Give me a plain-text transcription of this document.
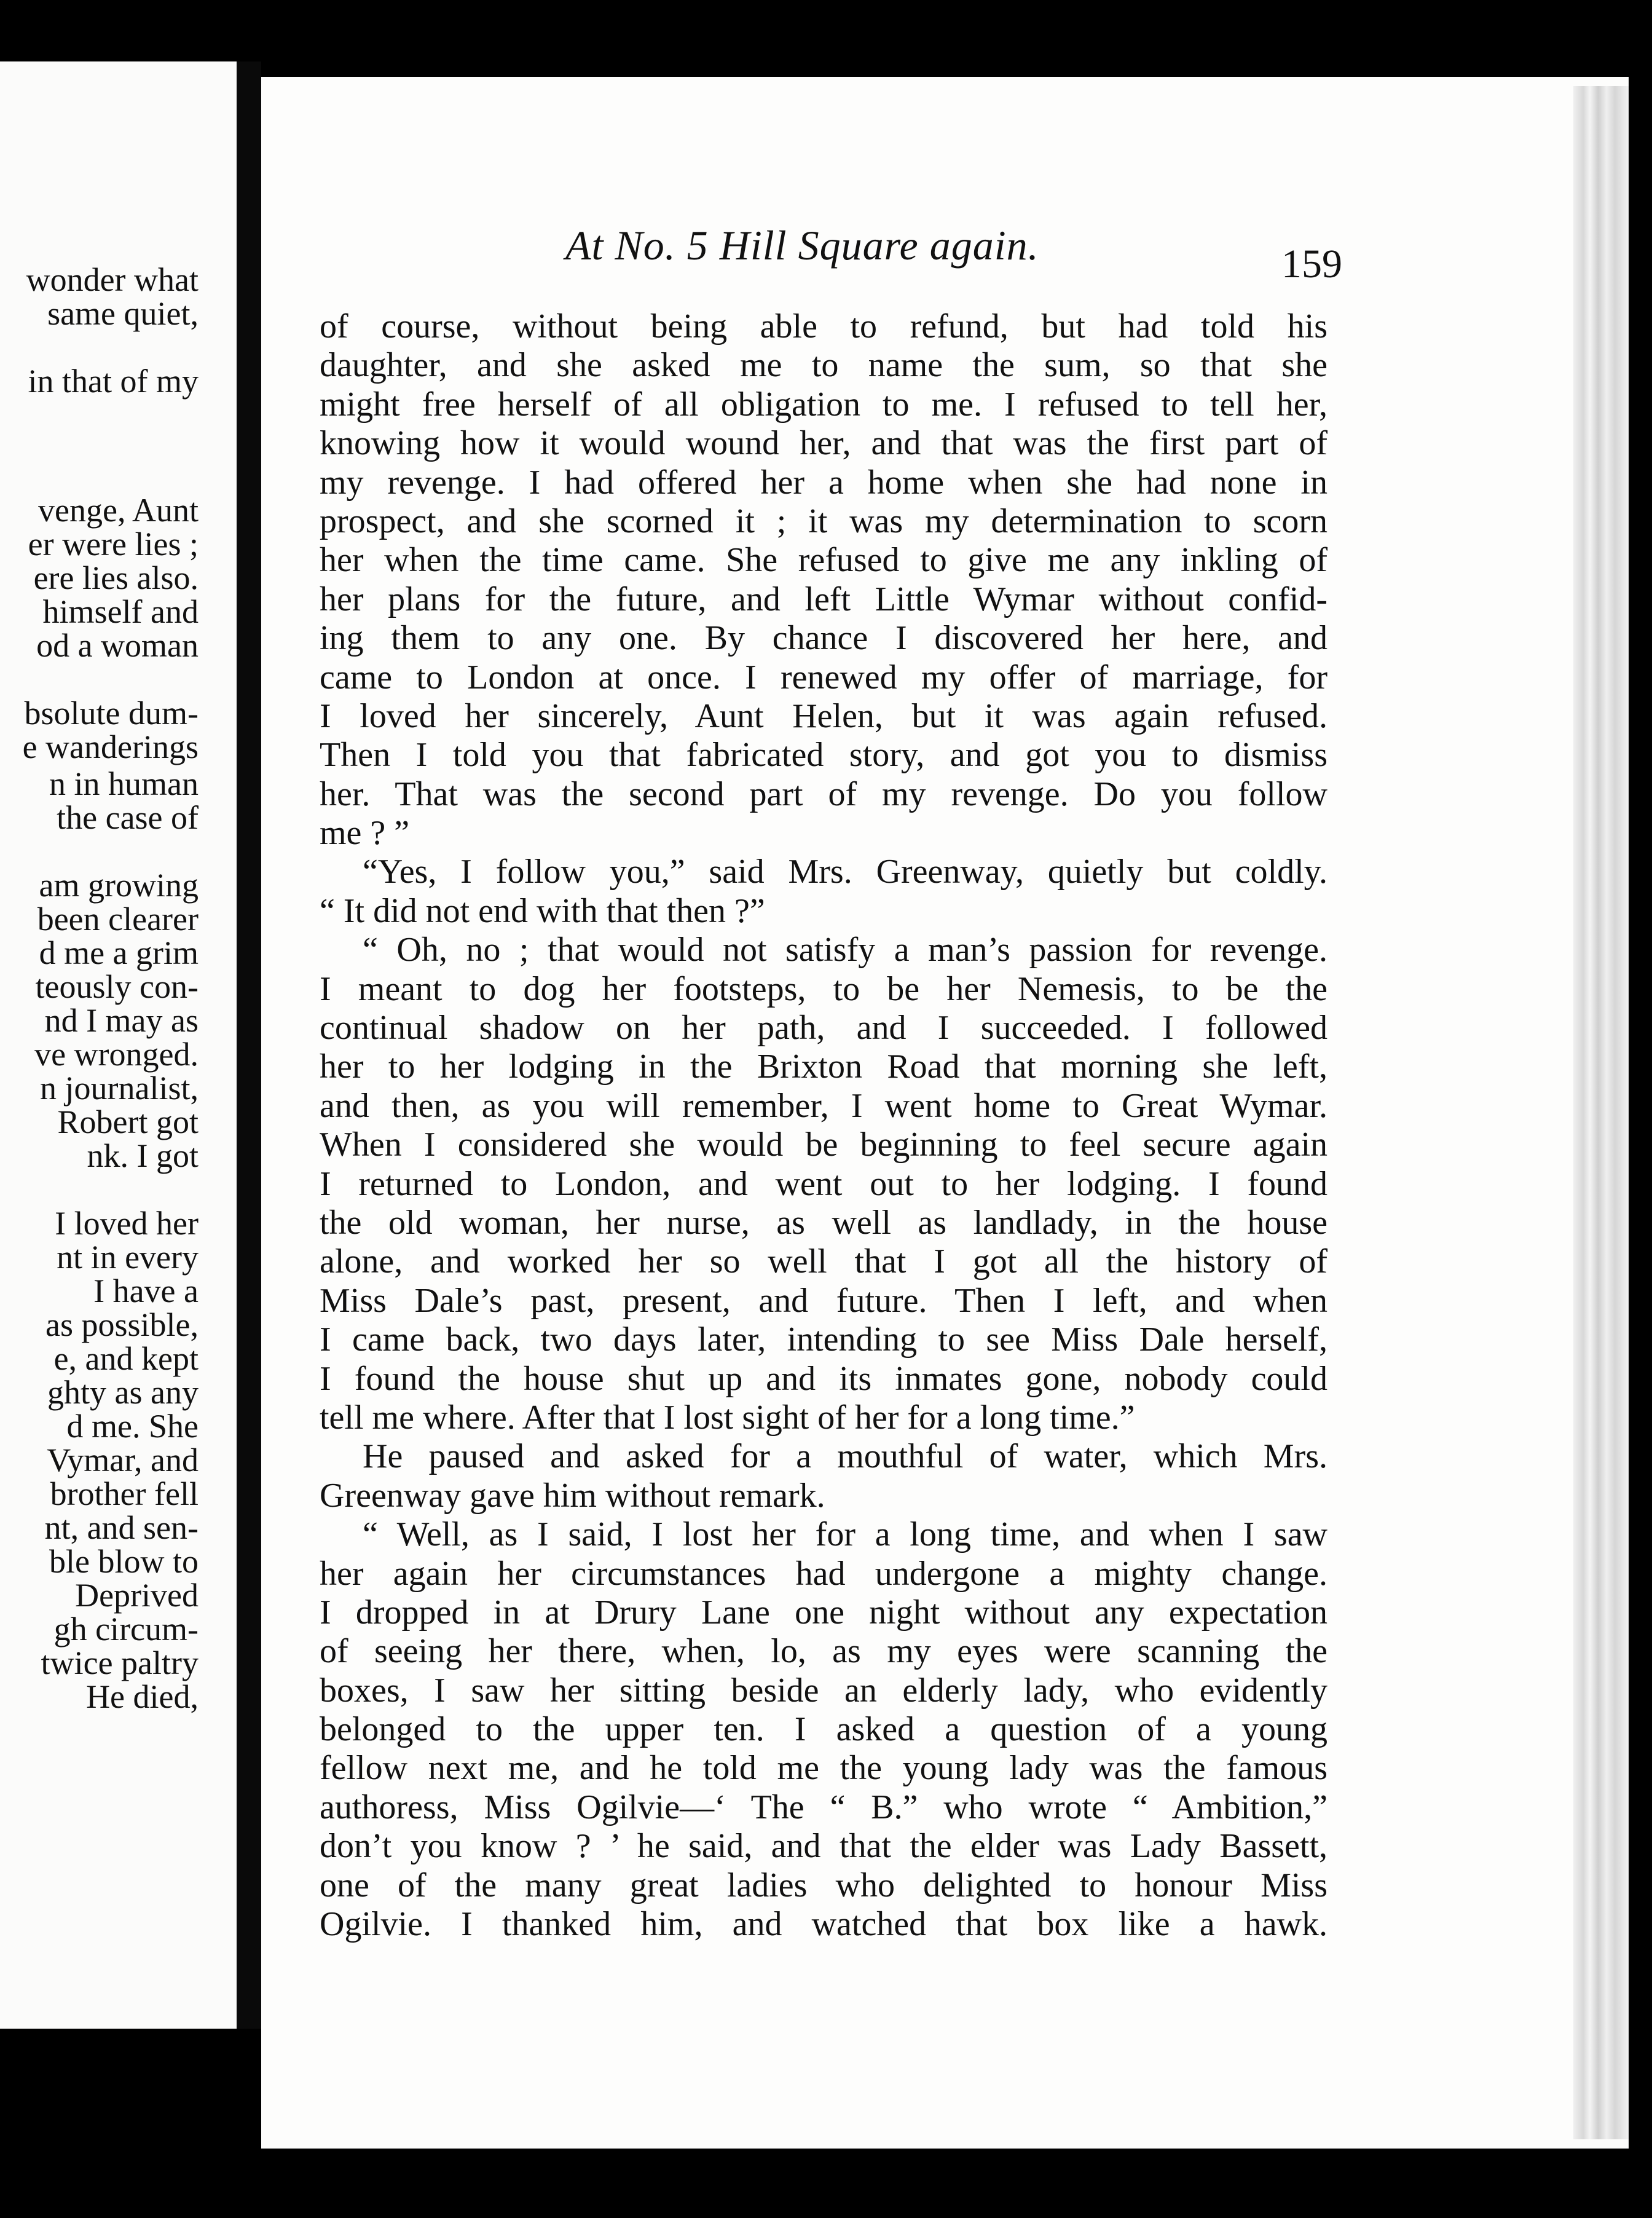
wonder what
same quiet,
in that of my
venge, Aunt
er were lies ;
ere lies also.
himself and
od a woman
bsolute dum-
e wanderings
n in human
the case of
am growing
been clearer
d me a grim
teously con-
nd I may as
ve wronged.
n journalist,
Robert got
nk. I got
I loved her
nt in every
I have a
as possible,
e, and kept
ghty as any
d me. She
Vymar, and
brother fell
nt, and sen-
ble blow to
Deprived
gh circum-
twice paltry
He died,
At No. 5 Hill Square again.	159
of course, without being able to refund, but had told his
daughter, and she asked me to name the sum, so that she
might free herself of all obligation to me. I refused to tell her,
knowing how it would wound her, and that was the first part of
my revenge. I had offered her a home when she had none in
prospect, and she scorned it ; it was my determination to scorn
her when the time came. She refused to give me any inkling of
her plans for the future, and left Little Wymar without confid-
ing them to any one. By chance I discovered her here, and
came to London at once. I renewed my offer of marriage, for
I loved her sincerely, Aunt Helen, but it was again refused.
Then I told you that fabricated story, and got you to dismiss
her. That was the second part of my revenge. Do you follow
me ? ”
“Yes, I follow you,” said Mrs. Greenway, quietly but coldly.
“ It did not end with that then ?”
“ Oh, no ; that would not satisfy a man’s passion for revenge.
I meant to dog her footsteps, to be her Nemesis, to be the
continual shadow on her path, and I succeeded. I followed
her to her lodging in the Brixton Road that morning she left,
and then, as you will remember, I went home to Great Wymar.
When I considered she would be beginning to feel secure again
I returned to London, and went out to her lodging. I found
the old woman, her nurse, as well as landlady, in the house
alone, and worked her so well that I got all the history of
Miss Dale’s past, present, and future. Then I left, and when
I came back, two days later, intending to see Miss Dale herself,
I found the house shut up and its inmates gone, nobody could
tell me where. After that I lost sight of her for a long time.”
He paused and asked for a mouthful of water, which Mrs.
Greenway gave him without remark.
“ Well, as I said, I lost her for a long time, and when I saw
her again her circumstances had undergone a mighty change.
I dropped in at Drury Lane one night without any expectation
of seeing her there, when, lo, as my eyes were scanning the
boxes, I saw her sitting beside an elderly lady, who evidently
belonged to the upper ten. I asked a question of a young
fellow next me, and he told me the young lady was the famous
authoress, Miss Ogilvie—‘ The “ B.” who wrote “ Ambition,”
don’t you know ? ’ he said, and that the elder was Lady Bassett,
one of the many great ladies who delighted to honour Miss
Ogilvie. I thanked him, and watched that box like a hawk.
